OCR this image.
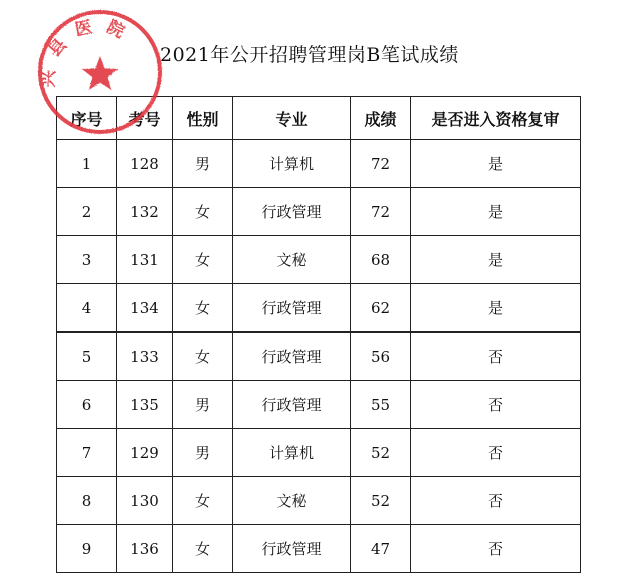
2021年公开招聘管理岗B笔试成绩
序号	考号	性别	专业	成绩	是否进入资格复审
1	128	男	计算机	72	是
2	132	女	行政管理	72	是
3	131	女	文秘	68	是
4	134	女	行政管理	62	是
5	133	女	行政管理	56	否
6	135	男	行政管理	55	否
7	129	男	计算机	52	否
8	130	女	文秘	52	否
9	136	女	行政管理	47	否
兴县医院
